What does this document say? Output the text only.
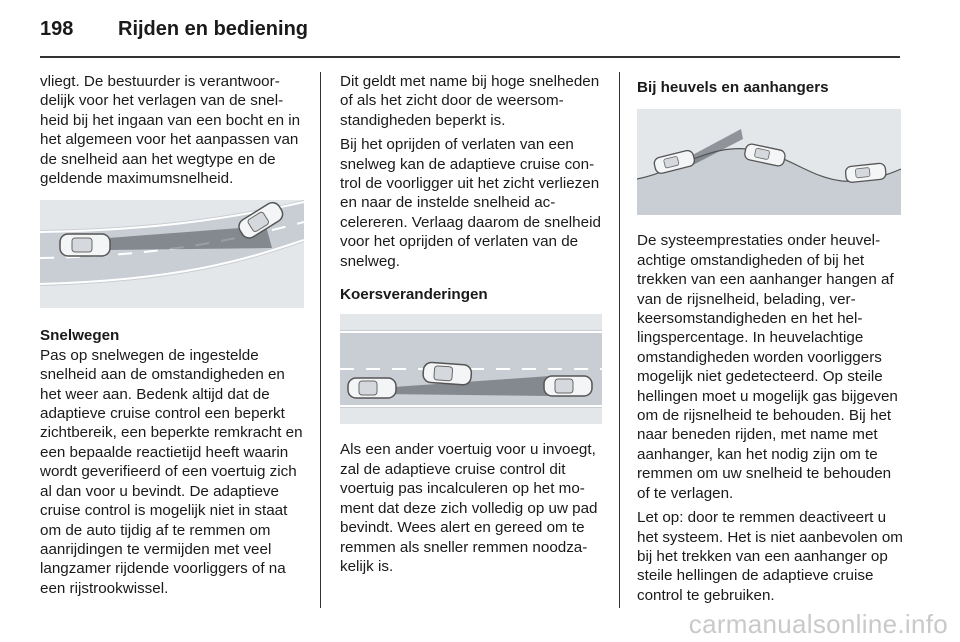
198	Rijden en bediening

vliegt. De bestuurder is verantwoordelijk voor het verlagen van de snelheid bij het ingaan van een bocht en in het algemeen voor het aanpassen van de snelheid aan het wegtype en de geldende maximumsnelheid.

Snelwegen

Pas op snelwegen de ingestelde snelheid aan de omstandigheden en het weer aan. Bedenk altijd dat de adaptieve cruise control een beperkt zichtbereik, een beperkte remkracht en een bepaalde reactietijd heeft waarin wordt geverifieerd of een voertuig zich al dan voor u bevindt. De adaptieve cruise control is mogelijk niet in staat om de auto tijdig af te remmen om aanrijdingen te vermijden met veel langzamer rijdende voorliggers of na een rijstrookwissel.

Dit geldt met name bij hoge snelheden of als het zicht door de weersomstandigheden beperkt is.

Bij het oprijden of verlaten van een snelweg kan de adaptieve cruise control de voorligger uit het zicht verliezen en naar de instelde snelheid accelereren. Verlaag daarom de snelheid voor het oprijden of verlaten van de snelweg.

Koersveranderingen

Als een ander voertuig voor u invoegt, zal de adaptieve cruise control dit voertuig pas incalculeren op het moment dat deze zich volledig op uw pad bevindt. Wees alert en gereed om te remmen als sneller remmen noodzakelijk is.

Bij heuvels en aanhangers

De systeemprestaties onder heuvelachtige omstandigheden of bij het trekken van een aanhanger hangen af van de rijsnelheid, belading, verkeersomstandigheden en het hellingspercentage. In heuvelachtige omstandigheden worden voorliggers mogelijk niet gedetecteerd. Op steile hellingen moet u mogelijk gas bijgeven om de rijsnelheid te behouden. Bij het naar beneden rijden, met name met aanhanger, kan het nodig zijn om te remmen om uw snelheid te behouden of te verlagen.

Let op: door te remmen deactiveert u het systeem. Het is niet aanbevolen om bij het trekken van een aanhanger op steile hellingen de adaptieve cruise control te gebruiken.

carmanualsonline.info
